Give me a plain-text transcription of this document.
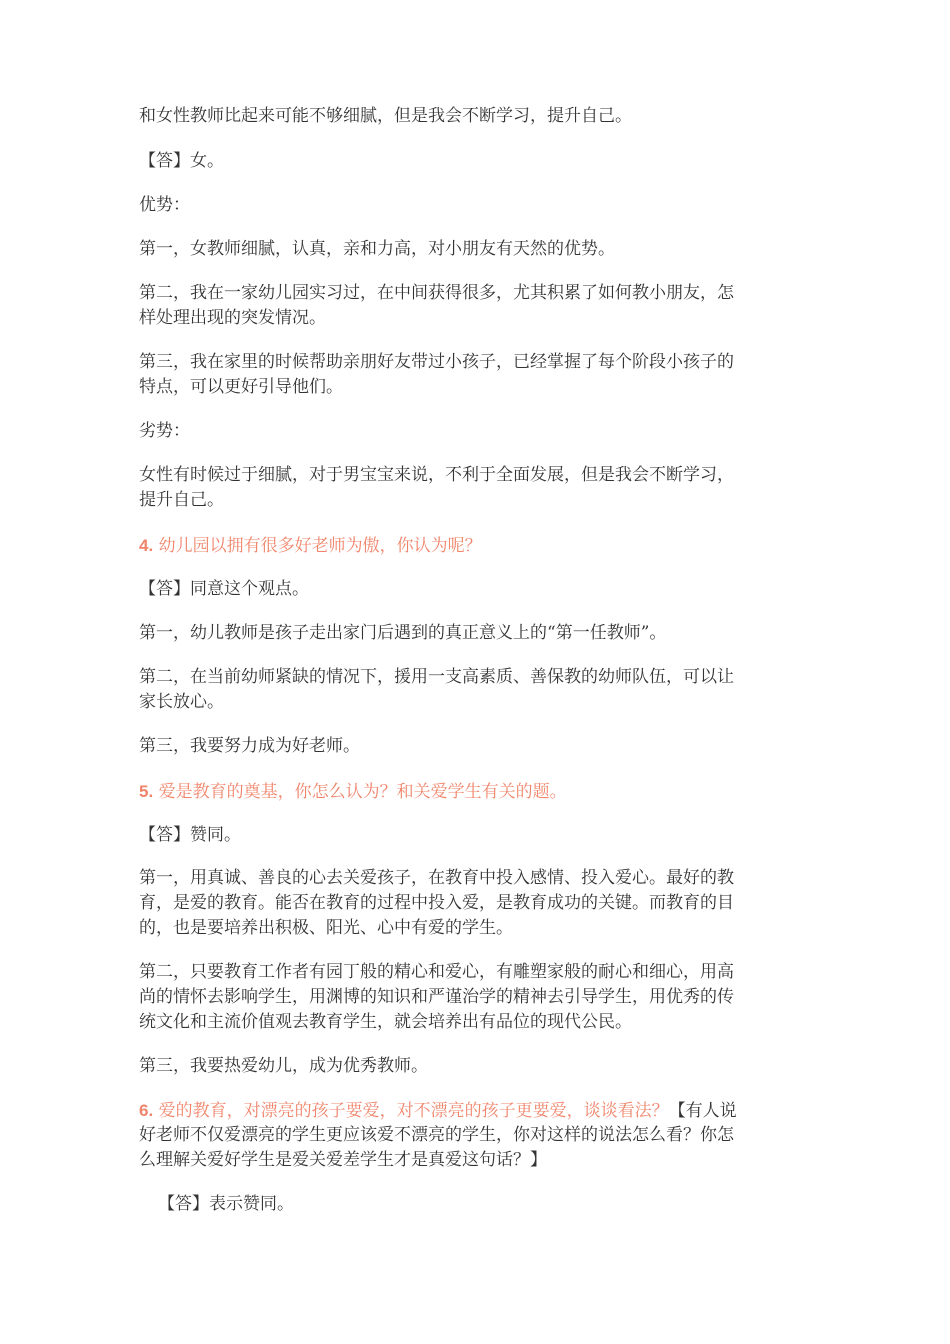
和女性教师比起来可能不够细腻，但是我会不断学习，提升自己。
【答】女。
优势：
第一，女教师细腻，认真，亲和力高，对小朋友有天然的优势。
第二，我在一家幼儿园实习过，在中间获得很多，尤其积累了如何教小朋友，怎
样处理出现的突发情况。
第三，我在家里的时候帮助亲朋好友带过小孩子，已经掌握了每个阶段小孩子的
特点，可以更好引导他们。
劣势：
女性有时候过于细腻，对于男宝宝来说，不利于全面发展，但是我会不断学习，
提升自己。
4. 幼儿园以拥有很多好老师为傲，你认为呢？
【答】同意这个观点。
第一，幼儿教师是孩子走出家门后遇到的真正意义上的“第一任教师”。
第二，在当前幼师紧缺的情况下，援用一支高素质、善保教的幼师队伍，可以让
家长放心。
第三，我要努力成为好老师。
5. 爱是教育的奠基，你怎么认为？和关爱学生有关的题。
【答】赞同。
第一，用真诚、善良的心去关爱孩子，在教育中投入感情、投入爱心。最好的教
育，是爱的教育。能否在教育的过程中投入爱，是教育成功的关键。而教育的目
的，也是要培养出积极、阳光、心中有爱的学生。
第二，只要教育工作者有园丁般的精心和爱心，有雕塑家般的耐心和细心，用高
尚的情怀去影响学生，用渊博的知识和严谨治学的精神去引导学生，用优秀的传
统文化和主流价值观去教育学生，就会培养出有品位的现代公民。
第三，我要热爱幼儿，成为优秀教师。
6. 爱的教育，对漂亮的孩子要爱，对不漂亮的孩子更要爱，谈谈看法？【有人说
好老师不仅爱漂亮的学生更应该爱不漂亮的学生，你对这样的说法怎么看？你怎
么理解关爱好学生是爱关爱差学生才是真爱这句话？】
【答】表示赞同。
